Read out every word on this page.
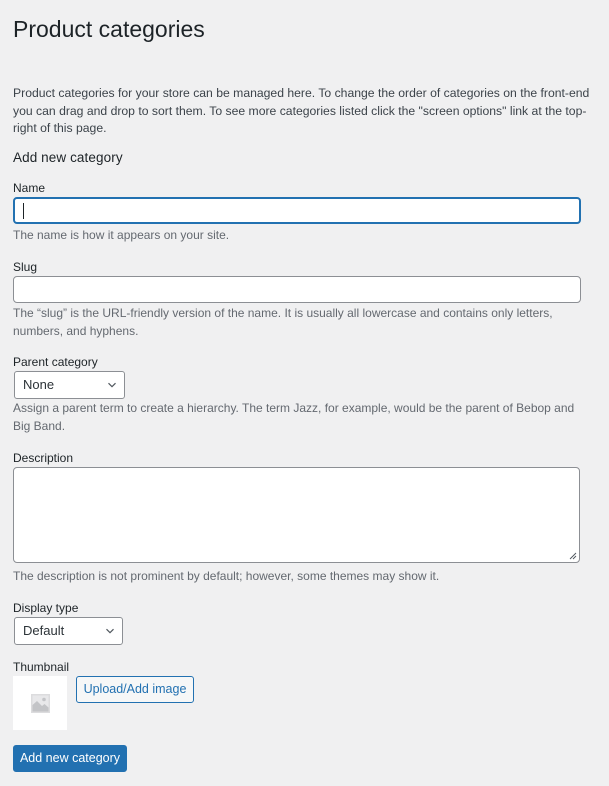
Product categories

Product categories for your store can be managed here. To change the order of categories on the front-end you can drag and drop to sort them. To see more categories listed click the "screen options" link at the top-right of this page.

Add new category
Name

The name is how it appears on your site.

Slug

The “slug” is the URL-friendly version of the name. It is usually all lowercase and contains only letters, numbers, and hyphens.

Parent category
None

Assign a parent term to create a hierarchy. The term Jazz, for example, would be the parent of Bebop and Big Band.

Description

The description is not prominent by default; however, some themes may show it.

Display type
Default
Thumbnail
Upload/Add image
Add new category
